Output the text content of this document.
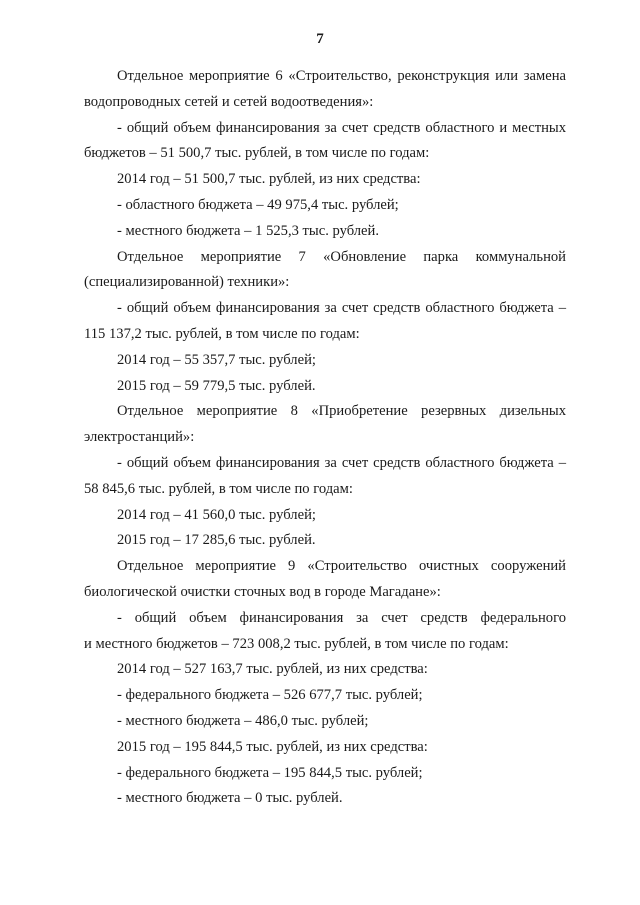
7
Отдельное мероприятие 6 «Строительство, реконструкция или замена
водопроводных сетей и сетей водоотведения»:
- общий объем финансирования за счет средств областного и местных
бюджетов – 51 500,7 тыс. рублей, в том числе по годам:
2014 год – 51 500,7 тыс. рублей, из них средства:
- областного бюджета – 49 975,4 тыс. рублей;
- местного бюджета – 1 525,3 тыс. рублей.
Отдельное мероприятие 7 «Обновление парка коммунальной
(специализированной) техники»:
- общий объем финансирования за счет средств областного бюджета –
115 137,2 тыс. рублей, в том числе по годам:
2014 год – 55 357,7 тыс. рублей;
2015 год – 59 779,5 тыс. рублей.
Отдельное мероприятие 8 «Приобретение резервных дизельных
электростанций»:
- общий объем финансирования за счет средств областного бюджета –
58 845,6 тыс. рублей, в том числе по годам:
2014 год – 41 560,0 тыс. рублей;
2015 год – 17 285,6 тыс. рублей.
Отдельное мероприятие 9 «Строительство очистных сооружений
биологической очистки сточных вод в городе Магадане»:
- общий объем финансирования за счет средств федерального
и местного бюджетов – 723 008,2 тыс. рублей, в том числе по годам:
2014 год – 527 163,7 тыс. рублей, из них средства:
- федерального бюджета – 526 677,7 тыс. рублей;
- местного бюджета – 486,0 тыс. рублей;
2015 год – 195 844,5 тыс. рублей, из них средства:
- федерального бюджета – 195 844,5 тыс. рублей;
- местного бюджета – 0 тыс. рублей.
